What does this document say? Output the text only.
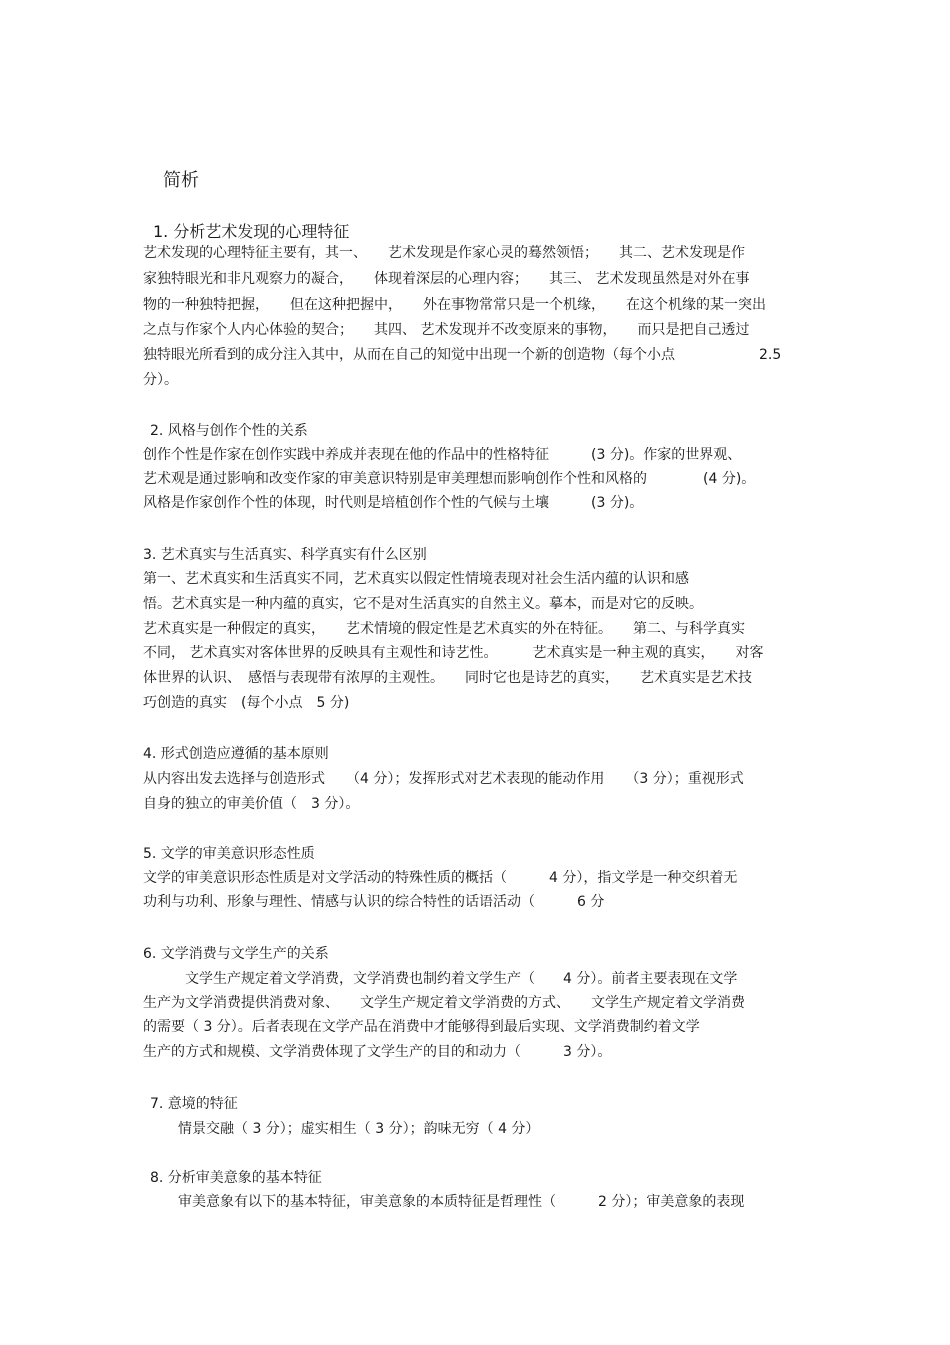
简析
1. 分析艺术发现的心理特征
艺术发现的心理特征主要有，其一、　　艺术发现是作家心灵的蓦然领悟；　　其二、艺术发现是作
家独特眼光和非凡观察力的凝合，　　体现着深层的心理内容；　　其三、 艺术发现虽然是对外在事
物的一种独特把握，　　但在这种把握中，　　外在事物常常只是一个机缘，　　在这个机缘的某一突出
之点与作家个人内心体验的契合；　　其四、 艺术发现并不改变原来的事物，　　而只是把自己透过
独特眼光所看到的成分注入其中，从而在自己的知觉中出现一个新的创造物（每个小点　　　　　　2.5
分）。
2. 风格与创作个性的关系
创作个性是作家在创作实践中养成并表现在他的作品中的性格特征　　　(3 分)。作家的世界观、
艺术观是通过影响和改变作家的审美意识特别是审美理想而影响创作个性和风格的　　　　(4 分)。
风格是作家创作个性的体现，时代则是培植创作个性的气候与土壤　　　(3 分)。
3. 艺术真实与生活真实、科学真实有什么区别
第一、艺术真实和生活真实不同，艺术真实以假定性情境表现对社会生活内蕴的认识和感
悟。艺术真实是一种内蕴的真实，它不是对生活真实的自然主义。摹本，而是对它的反映。
艺术真实是一种假定的真实，　　艺术情境的假定性是艺术真实的外在特征。　　第二、与科学真实
不同， 艺术真实对客体世界的反映具有主观性和诗艺性。　　　艺术真实是一种主观的真实，　　对客
体世界的认识、　感悟与表现带有浓厚的主观性。　　同时它也是诗艺的真实，　　艺术真实是艺术技
巧创造的真实　(每个小点　5 分)
4. 形式创造应遵循的基本原则
从内容出发去选择与创造形式　　（4 分）；发挥形式对艺术表现的能动作用　　（3 分）；重视形式
自身的独立的审美价值（　3 分）。
5. 文学的审美意识形态性质
文学的审美意识形态性质是对文学活动的特殊性质的概括（　　　4 分），指文学是一种交织着无
功利与功利、形象与理性、情感与认识的综合特性的话语活动（　　　6 分
6. 文学消费与文学生产的关系
　　　文学生产规定着文学消费，文学消费也制约着文学生产（　　4 分）。前者主要表现在文学
生产为文学消费提供消费对象、　　文学生产规定着文学消费的方式、　　文学生产规定着文学消费
的需要（ 3 分）。后者表现在文学产品在消费中才能够得到最后实现、文学消费制约着文学
生产的方式和规模、文学消费体现了文学生产的目的和动力（　　　3 分）。
7. 意境的特征
　　情景交融（ 3 分）；虚实相生（ 3 分）；韵味无穷（ 4 分）
8. 分析审美意象的基本特征
　　审美意象有以下的基本特征，审美意象的本质特征是哲理性（　　　2 分）；审美意象的表现
